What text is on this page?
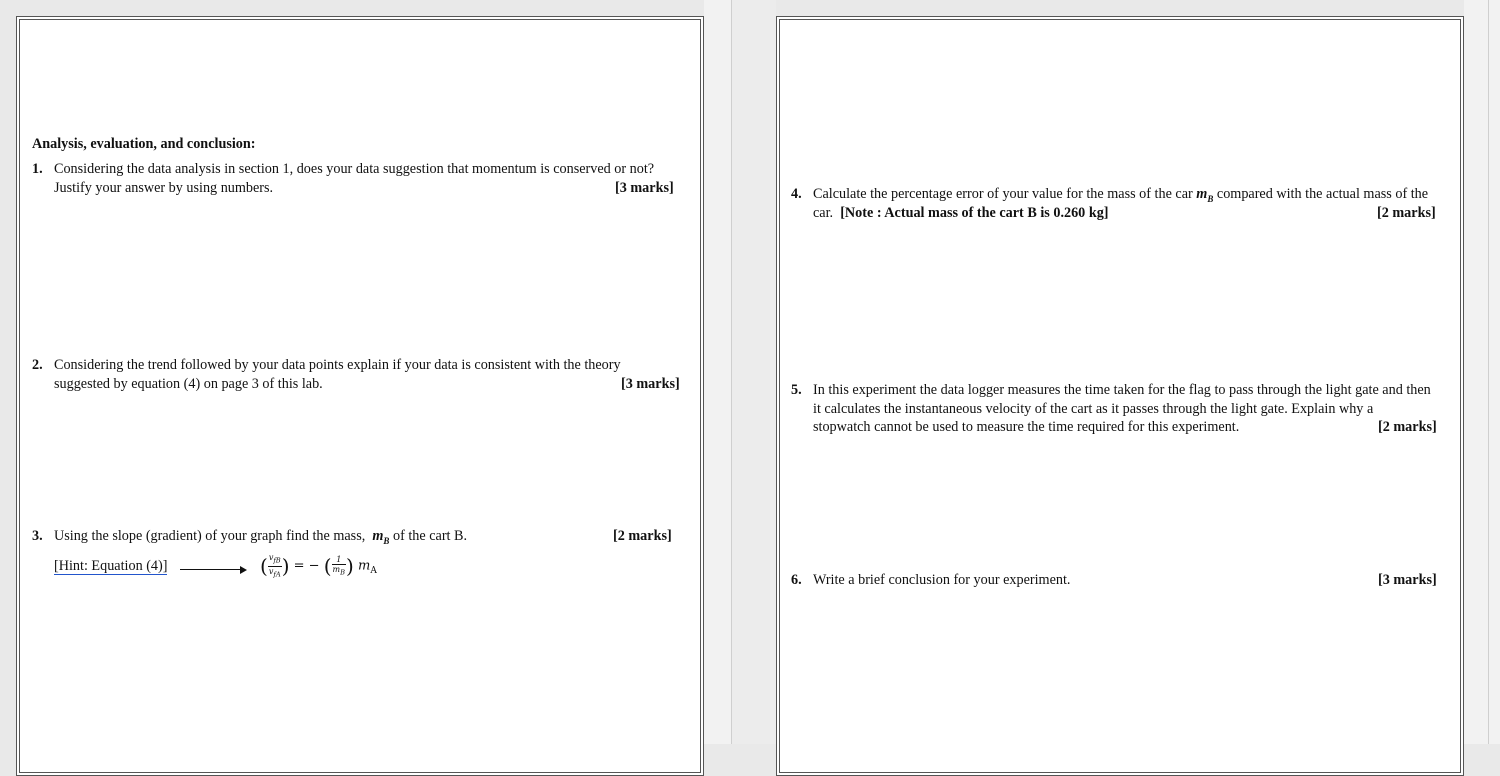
Analysis, evaluation, and conclusion:
1. Considering the data analysis in section 1, does your data suggestion that momentum is conserved or not?
Justify your answer by using numbers.	[3 marks]
2. Considering the trend followed by your data points explain if your data is consistent with the theory
suggested by equation (4) on page 3 of this lab.	[3 marks]
3. Using the slope (gradient) of your graph find the mass, $m_B$ of the cart B.	[2 marks]
[Hint: Equation (4)]	( $\frac{v_{fB}}{v_{fA}}$ ) = − ( $\frac{1}{m_B}$ ) $m_A$
4. Calculate the percentage error of your value for the mass of the car $m_B$ compared with the actual mass of the
car. [Note : Actual mass of the cart B is 0.260 kg]	[2 marks]
5. In this experiment the data logger measures the time taken for the flag to pass through the light gate and then
it calculates the instantaneous velocity of the cart as it passes through the light gate. Explain why a
stopwatch cannot be used to measure the time required for this experiment.	[2 marks]
6. Write a brief conclusion for your experiment.	[3 marks]
